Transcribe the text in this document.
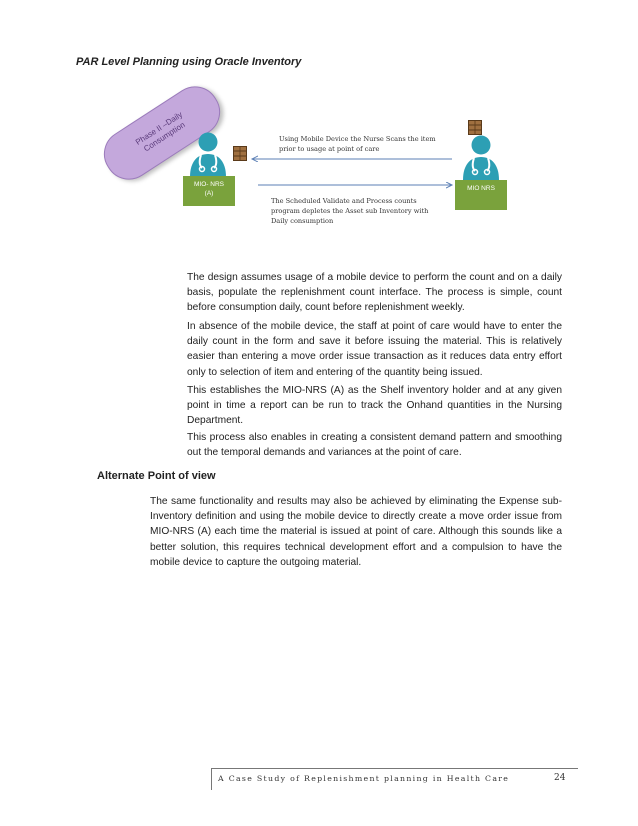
PAR Level Planning using Oracle Inventory
Phase II –Daily Consumption
MIO- NRS
(A)
MIO NRS
Using Mobile Device the Nurse Scans the item prior to usage at point of care
The Scheduled Validate and Process counts program depletes the Asset sub Inventory with Daily consumption
The design assumes usage of a mobile device to perform the count and on a daily basis, populate the replenishment count interface. The process is simple, count before consumption daily, count before replenishment weekly.
In absence of the mobile device, the staff at point of care would have to enter the daily count in the form and save it before issuing the material. This is relatively easier than entering a move order issue transaction as it reduces data entry effort only to selection of item and entering of the quantity being issued.
This establishes the MIO-NRS (A) as the Shelf inventory holder and at any given point in time a report can be run to track the Onhand quantities in the Nursing Department.
This process also enables in creating a consistent demand pattern and smoothing out the temporal demands and variances at the point of care.
Alternate Point of view
The same functionality and results may also be achieved by eliminating the Expense sub-Inventory definition and using the mobile device to directly create a move order issue from MIO-NRS (A) each time the material is issued at point of care. Although this sounds like a better solution, this requires technical development effort and a compulsion to have the mobile device to capture the outgoing material.
A Case Study of Replenishment planning in Health Care	24
